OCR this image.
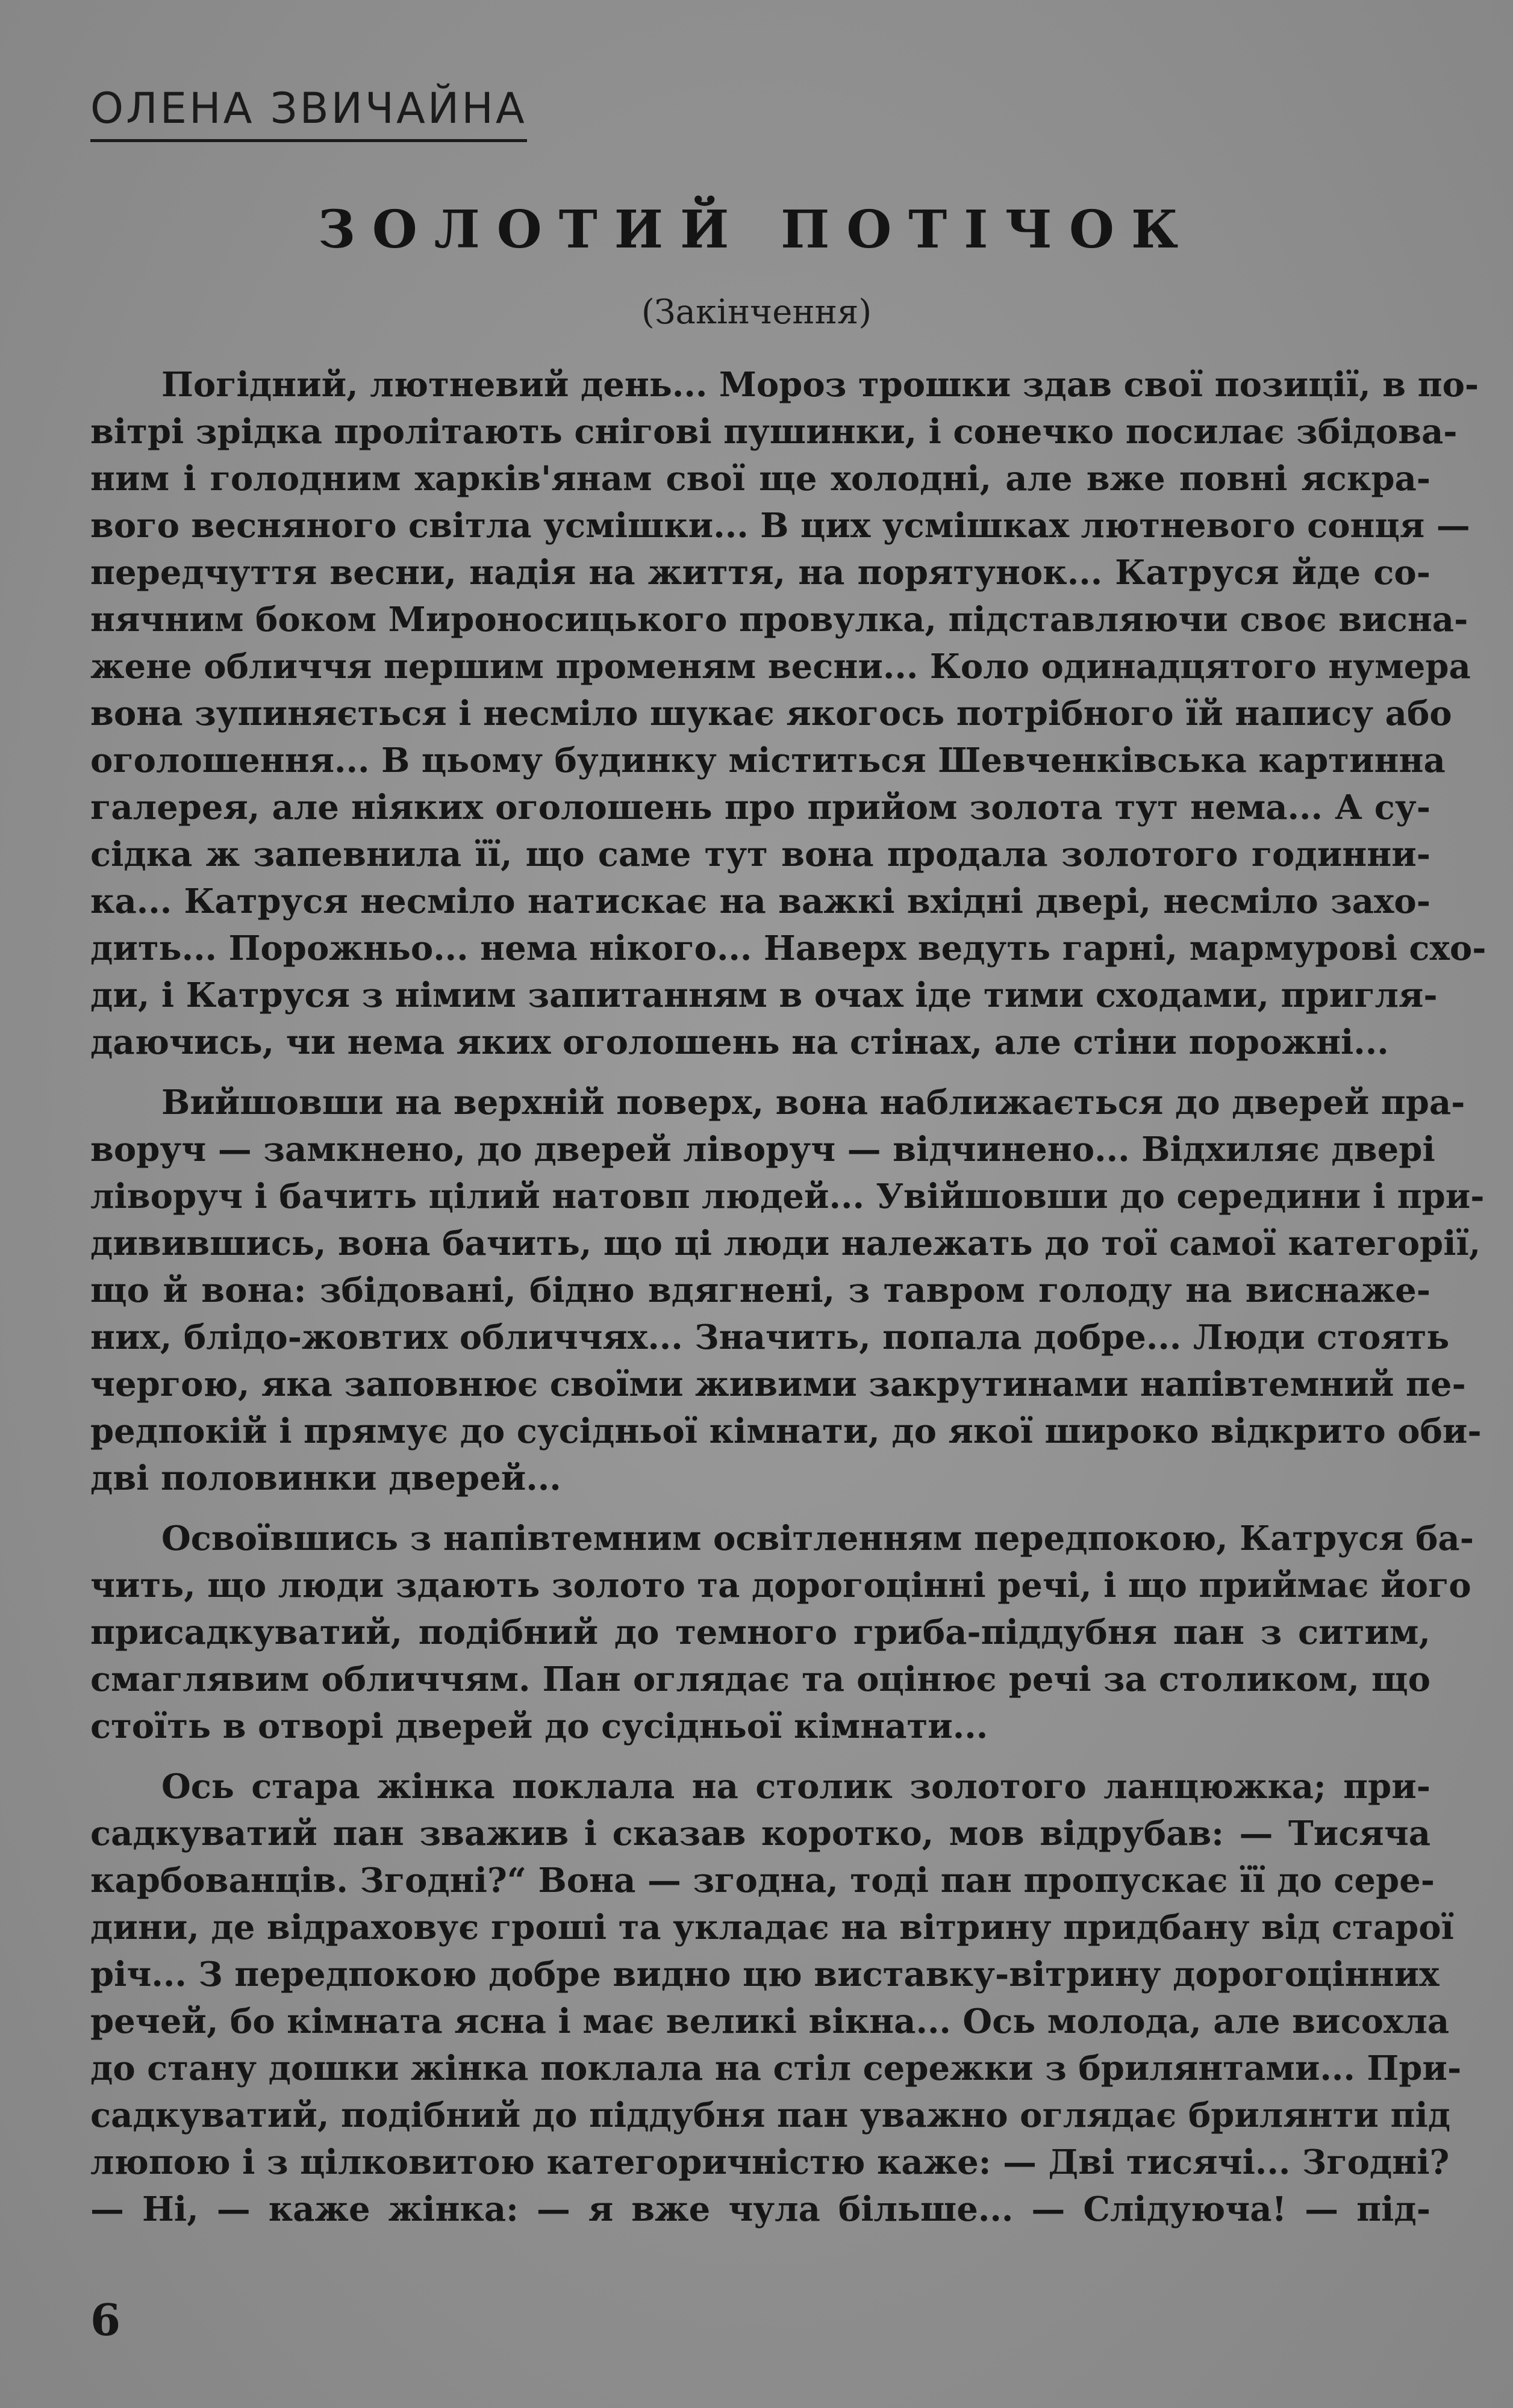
ОЛЕНА ЗВИЧАЙНА
ЗОЛОТИЙ ПОТІЧОК
(Закінчення)
Погідний, лютневий день... Мороз трошки здав свої позиції, в по-
вітрі зрідка пролітають снігові пушинки, і сонечко посилає збідова-
ним і голодним харків'янам свої ще холодні, але вже повні яскра-
вого весняного світла усмішки... В цих усмішках лютневого сонця —
передчуття весни, надія на життя, на порятунок... Катруся йде со-
нячним боком Мироносицького провулка, підставляючи своє висна-
жене обличчя першим променям весни... Коло одинадцятого нумера
вона зупиняється і несміло шукає якогось потрібного їй напису або
оголошення... В цьому будинку міститься Шевченківська картинна
галерея, але ніяких оголошень про прийом золота тут нема... А су-
сідка ж запевнила її, що саме тут вона продала золотого годинни-
ка... Катруся несміло натискає на важкі вхідні двері, несміло захо-
дить... Порожньо... нема нікого... Наверх ведуть гарні, мармурові схо-
ди, і Катруся з німим запитанням в очах іде тими сходами, пригля-
даючись, чи нема яких оголошень на стінах, але стіни порожні...
Вийшовши на верхній поверх, вона наближається до дверей пра-
воруч — замкнено, до дверей ліворуч — відчинено... Відхиляє двері
ліворуч і бачить цілий натовп людей... Увійшовши до середини і при-
дивившись, вона бачить, що ці люди належать до тої самої категорії,
що й вона: збідовані, бідно вдягнені, з тавром голоду на виснаже-
них, блідо-жовтих обличчях... Значить, попала добре... Люди стоять
чергою, яка заповнює своїми живими закрутинами напівтемний пе-
редпокій і прямує до сусідньої кімнати, до якої широко відкрито оби-
дві половинки дверей...
Освоївшись з напівтемним освітленням передпокою, Катруся ба-
чить, що люди здають золото та дорогоцінні речі, і що приймає його
присадкуватий, подібний до темного гриба-піддубня пан з ситим,
смаглявим обличчям. Пан оглядає та оцінює речі за столиком, що
стоїть в отворі дверей до сусідньої кімнати...
Ось стара жінка поклала на столик золотого ланцюжка; при-
садкуватий пан зважив і сказав коротко, мов відрубав: — Тисяча
карбованців. Згодні?“ Вона — згодна, тоді пан пропускає її до сере-
дини, де відраховує гроші та укладає на вітрину придбану від старої
річ... З передпокою добре видно цю виставку-вітрину дорогоцінних
речей, бо кімната ясна і має великі вікна... Ось молода, але висохла
до стану дошки жінка поклала на стіл сережки з брилянтами... При-
садкуватий, подібний до піддубня пан уважно оглядає брилянти під
люпою і з цілковитою категоричністю каже: — Дві тисячі... Згодні?
— Ні, — каже жінка: — я вже чула більше... — Слідуюча! — під-
6
